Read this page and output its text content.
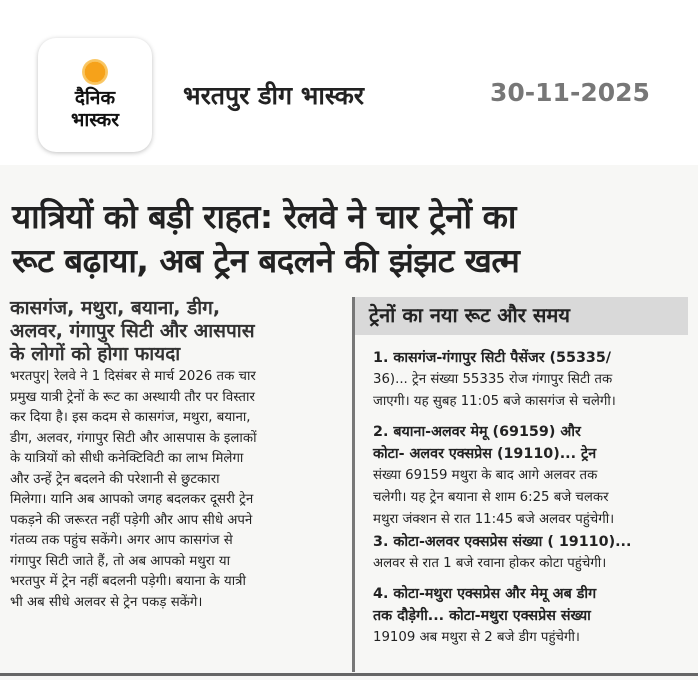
दैनिक
भास्कर
भरतपुर डीग भास्कर	30-11-2025
यात्रियों को बड़ी राहत: रेलवे ने चार ट्रेनों का
रूट बढ़ाया, अब ट्रेन बदलने की झंझट खत्म
कासगंज, मथुरा, बयाना, डीग,
अलवर, गंगापुर सिटी और आसपास
के लोगों को होगा फायदा
भरतपुर| रेलवे ने 1 दिसंबर से मार्च 2026 तक चार
प्रमुख यात्री ट्रेनों के रूट का अस्थायी तौर पर विस्तार
कर दिया है। इस कदम से कासगंज, मथुरा, बयाना,
डीग, अलवर, गंगापुर सिटी और आसपास के इलाकों
के यात्रियों को सीधी कनेक्टिविटी का लाभ मिलेगा
और उन्हें ट्रेन बदलने की परेशानी से छुटकारा
मिलेगा। यानि अब आपको जगह बदलकर दूसरी ट्रेन
पकड़ने की जरूरत नहीं पड़ेगी और आप सीधे अपने
गंतव्य तक पहुंच सकेंगे। अगर आप कासगंज से
गंगापुर सिटी जाते हैं, तो अब आपको मथुरा या
भरतपुर में ट्रेन नहीं बदलनी पड़ेगी। बयाना के यात्री
भी अब सीधे अलवर से ट्रेन पकड़ सकेंगे।
ट्रेनों का नया रूट और समय
1. कासगंज-गंगापुर सिटी पैसेंजर (55335/
36)... ट्रेन संख्या 55335 रोज गंगापुर सिटी तक
जाएगी। यह सुबह 11:05 बजे कासगंज से चलेगी।
2. बयाना-अलवर मेमू (69159) और
कोटा- अलवर एक्सप्रेस (19110)... ट्रेन
संख्या 69159 मथुरा के बाद आगे अलवर तक
चलेगी। यह ट्रेन बयाना से शाम 6:25 बजे चलकर
मथुरा जंक्शन से रात 11:45 बजे अलवर पहुंचेगी।
3. कोटा-अलवर एक्सप्रेस संख्या ( 19110)...
अलवर से रात 1 बजे रवाना होकर कोटा पहुंचेगी।
4. कोटा-मथुरा एक्सप्रेस और मेमू अब डीग
तक दौड़ेगी... कोटा-मथुरा एक्सप्रेस संख्या
19109 अब मथुरा से 2 बजे डीग पहुंचेगी।
